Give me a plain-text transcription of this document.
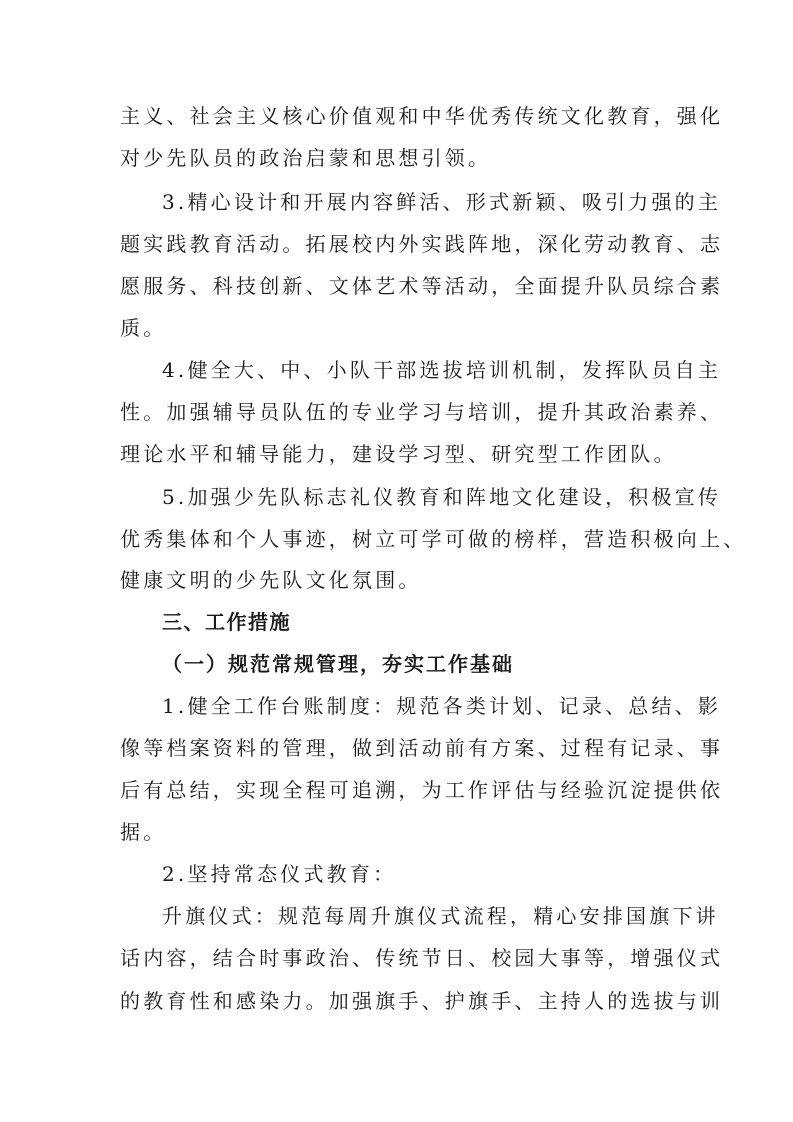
主义、社会主义核心价值观和中华优秀传统文化教育，强化
对少先队员的政治启蒙和思想引领。
3.精心设计和开展内容鲜活、形式新颖、吸引力强的主
题实践教育活动。拓展校内外实践阵地，深化劳动教育、志
愿服务、科技创新、文体艺术等活动，全面提升队员综合素
质。
4.健全大、中、小队干部选拔培训机制，发挥队员自主
性。加强辅导员队伍的专业学习与培训，提升其政治素养、
理论水平和辅导能力，建设学习型、研究型工作团队。
5.加强少先队标志礼仪教育和阵地文化建设，积极宣传
优秀集体和个人事迹，树立可学可做的榜样，营造积极向上、
健康文明的少先队文化氛围。
三、工作措施
（一）规范常规管理，夯实工作基础
1.健全工作台账制度：规范各类计划、记录、总结、影
像等档案资料的管理，做到活动前有方案、过程有记录、事
后有总结，实现全程可追溯，为工作评估与经验沉淀提供依
据。
2.坚持常态仪式教育：
升旗仪式：规范每周升旗仪式流程，精心安排国旗下讲
话内容，结合时事政治、传统节日、校园大事等，增强仪式
的教育性和感染力。加强旗手、护旗手、主持人的选拔与训
